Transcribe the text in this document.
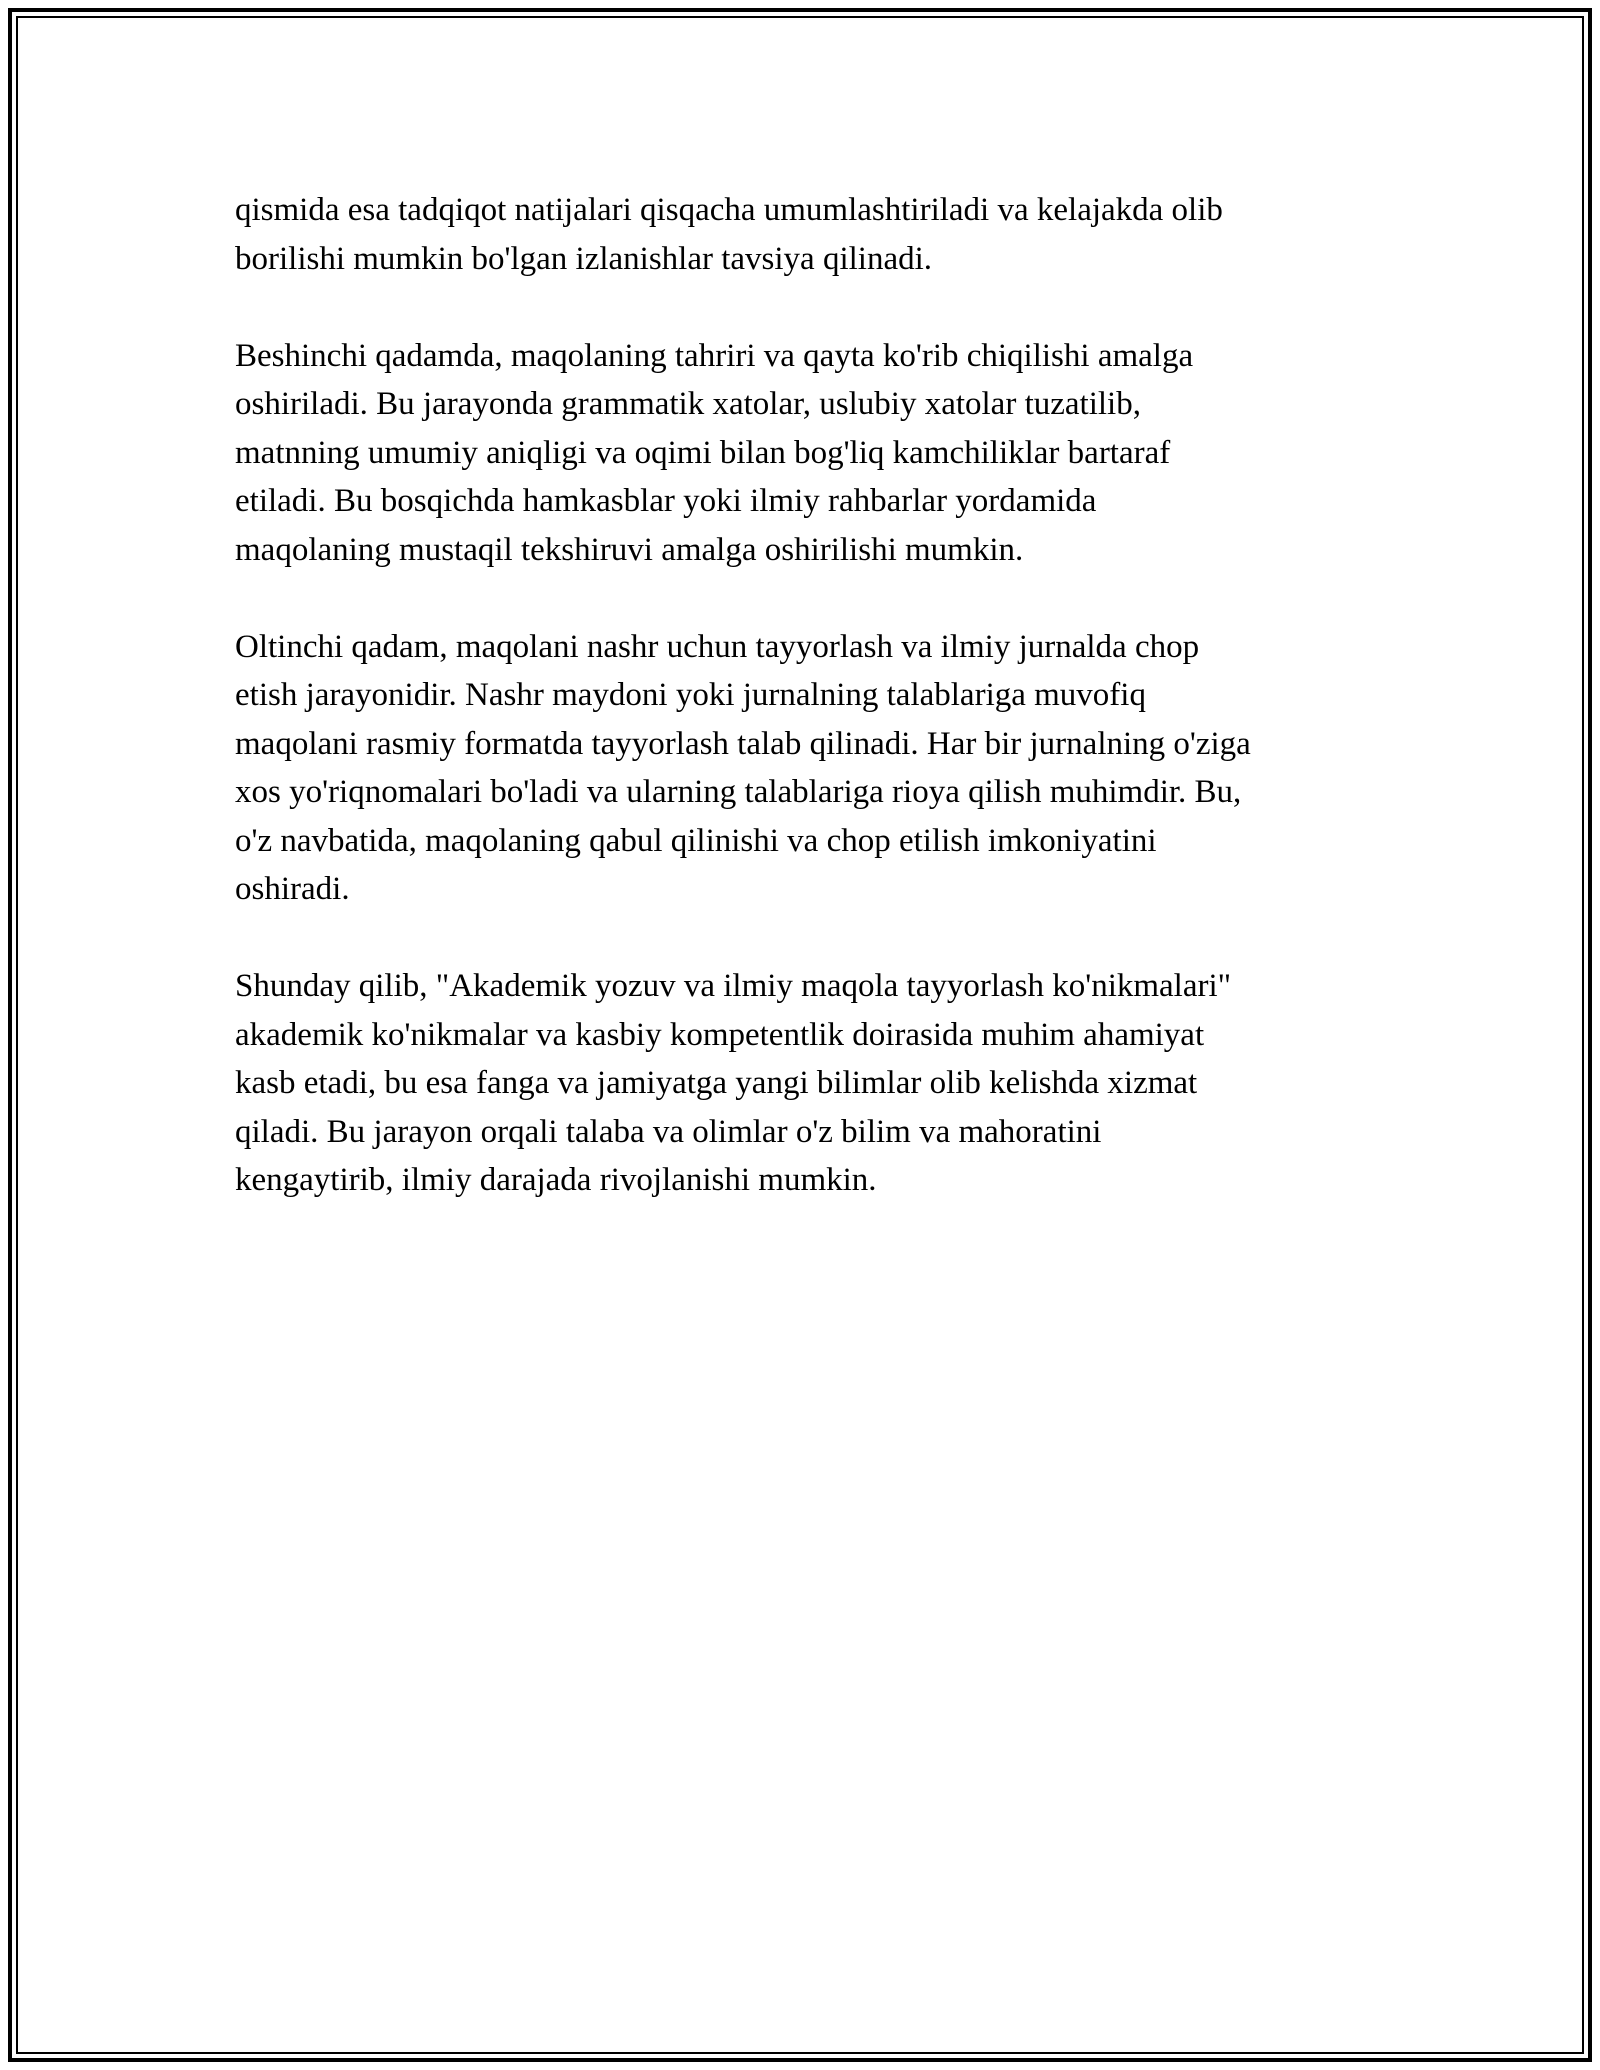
qismida esa tadqiqot natijalari qisqacha umumlashtiriladi va kelajakda olib
borilishi mumkin bo'lgan izlanishlar tavsiya qilinadi.

Beshinchi qadamda, maqolaning tahriri va qayta ko'rib chiqilishi amalga
oshiriladi. Bu jarayonda grammatik xatolar, uslubiy xatolar tuzatilib,
matnning umumiy aniqligi va oqimi bilan bog'liq kamchiliklar bartaraf
etiladi. Bu bosqichda hamkasblar yoki ilmiy rahbarlar yordamida
maqolaning mustaqil tekshiruvi amalga oshirilishi mumkin.

Oltinchi qadam, maqolani nashr uchun tayyorlash va ilmiy jurnalda chop
etish jarayonidir. Nashr maydoni yoki jurnalning talablariga muvofiq
maqolani rasmiy formatda tayyorlash talab qilinadi. Har bir jurnalning o'ziga
xos yo'riqnomalari bo'ladi va ularning talablariga rioya qilish muhimdir. Bu,
o'z navbatida, maqolaning qabul qilinishi va chop etilish imkoniyatini
oshiradi.

Shunday qilib, "Akademik yozuv va ilmiy maqola tayyorlash ko'nikmalari"
akademik ko'nikmalar va kasbiy kompetentlik doirasida muhim ahamiyat
kasb etadi, bu esa fanga va jamiyatga yangi bilimlar olib kelishda xizmat
qiladi. Bu jarayon orqali talaba va olimlar o'z bilim va mahoratini
kengaytirib, ilmiy darajada rivojlanishi mumkin.
